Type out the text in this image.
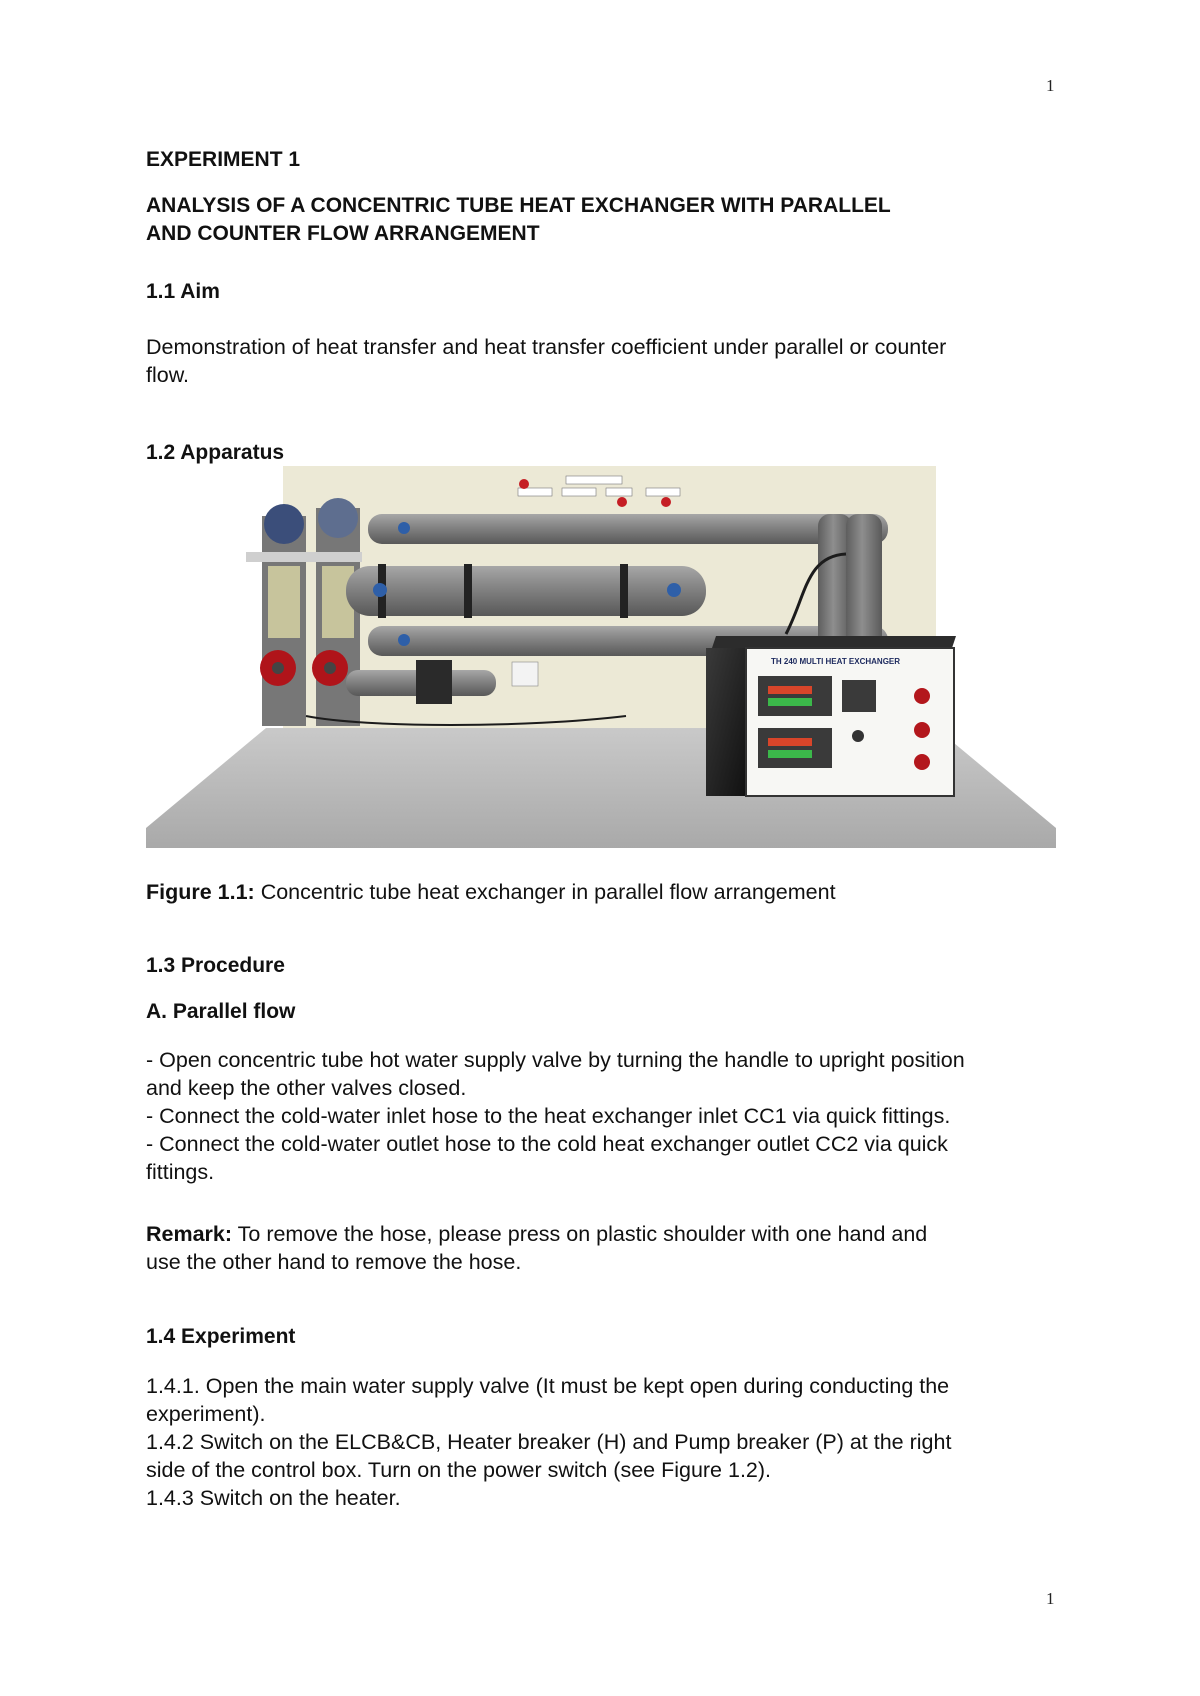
1
1
EXPERIMENT 1
ANALYSIS OF A CONCENTRIC TUBE HEAT EXCHANGER WITH PARALLEL
AND COUNTER FLOW ARRANGEMENT
1.1 Aim
Demonstration of heat transfer and heat transfer coefficient under parallel or counter
flow.
1.2 Apparatus
TH 240 MULTI HEAT EXCHANGER
Figure 1.1: Concentric tube heat exchanger in parallel flow arrangement
1.3 Procedure
A. Parallel flow
- Open concentric tube hot water supply valve by turning the handle to upright position
and keep the other valves closed.
- Connect the cold-water inlet hose to the heat exchanger inlet CC1 via quick fittings.
- Connect the cold-water outlet hose to the cold heat exchanger outlet CC2 via quick
fittings.
Remark: To remove the hose, please press on plastic shoulder with one hand and
use the other hand to remove the hose.
1.4 Experiment
1.4.1. Open the main water supply valve (It must be kept open during conducting the
experiment).
1.4.2 Switch on the ELCB&CB, Heater breaker (H) and Pump breaker (P) at the right
side of the control box. Turn on the power switch (see Figure 1.2).
1.4.3 Switch on the heater.
